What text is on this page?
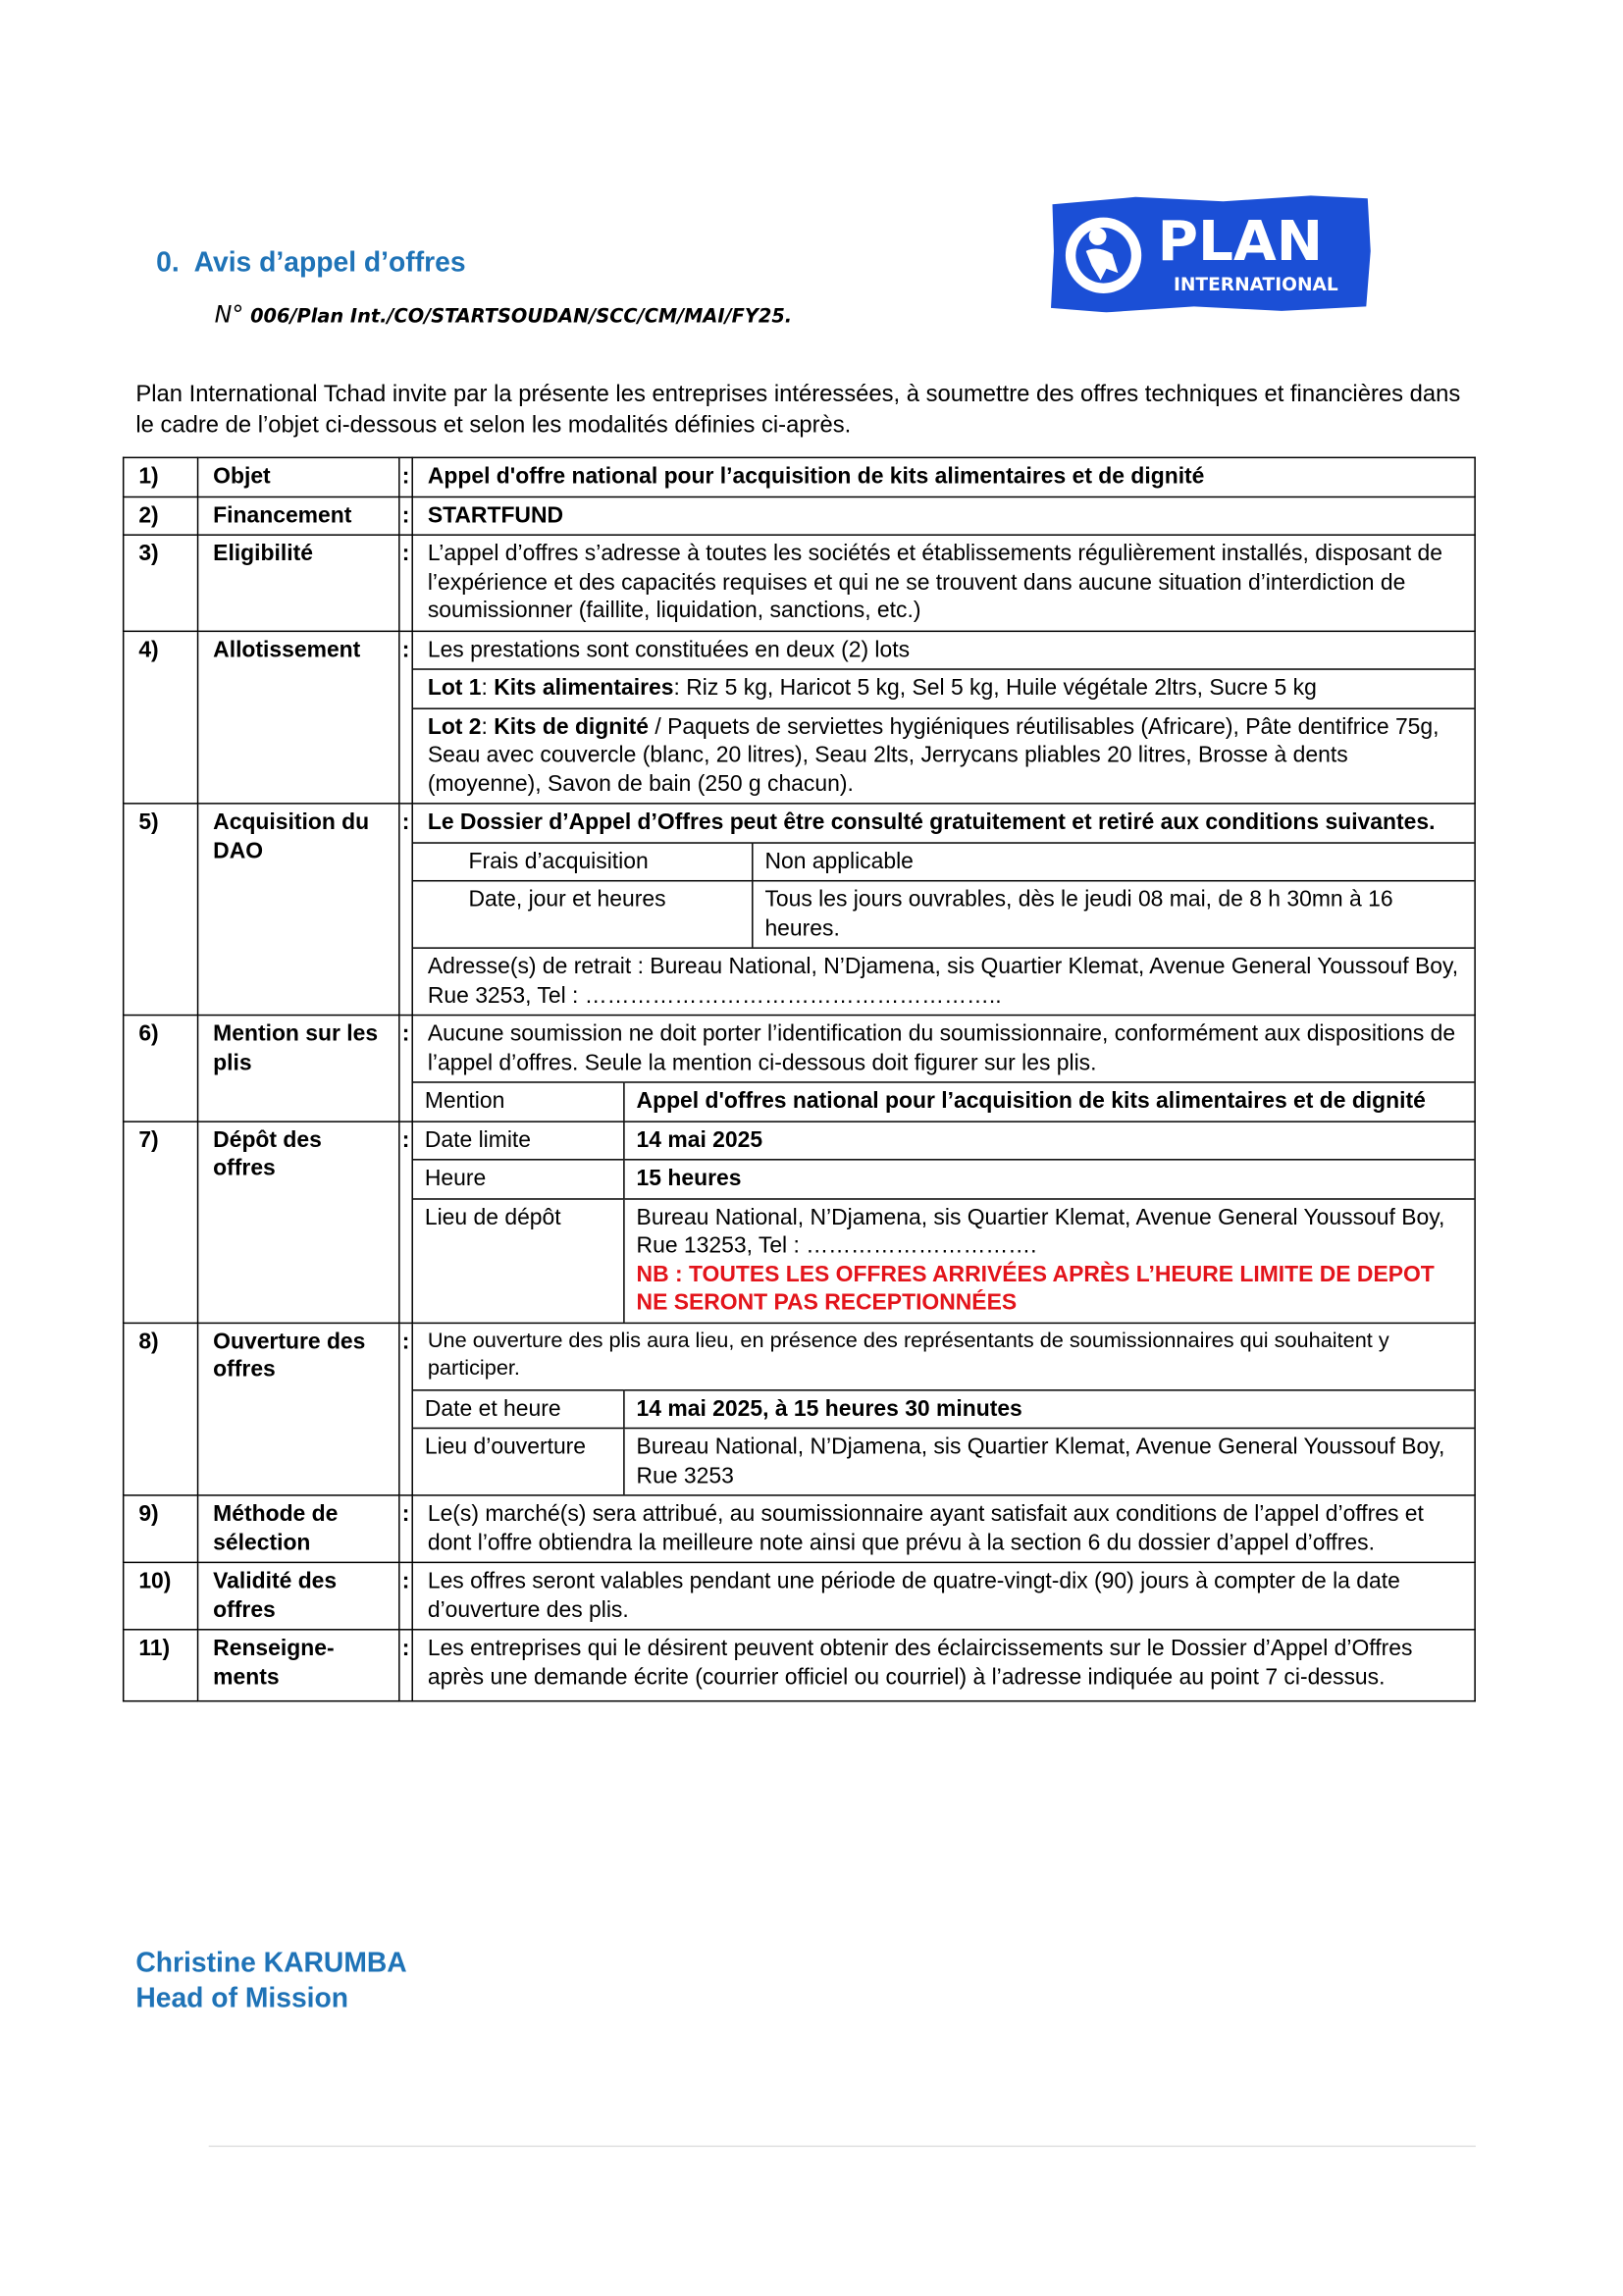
PLAN
INTERNATIONAL
0. Avis d’appel d’offres
N° 006/Plan Int./CO/STARTSOUDAN/SCC/CM/MAI/FY25.

Plan International Tchad invite par la présente les entreprises intéressées, à soumettre des offres techniques et financières dans le cadre de l’objet ci-dessous et selon les modalités définies ci-après.

1)	Objet	:	Appel d'offre national pour l’acquisition de kits alimentaires et de dignité

2)	Financement	:	STARTFUND

3)	Eligibilité	:	L’appel d’offres s’adresse à toutes les sociétés et établissements régulièrement installés, disposant de l’expérience et des capacités requises et qui ne se trouvent dans aucune situation d’interdiction de soumissionner (faillite, liquidation, sanctions, etc.)

4)	Allotissement	:	Les prestations sont constituées en deux (2) lots
Lot 1: Kits alimentaires: Riz 5 kg, Haricot 5 kg, Sel 5 kg, Huile végétale 2ltrs, Sucre 5 kg
Lot 2: Kits de dignité / Paquets de serviettes hygiéniques réutilisables (Africare), Pâte dentifrice 75g, Seau avec couvercle (blanc, 20 litres), Seau 2lts, Jerrycans pliables 20 litres, Brosse à dents (moyenne), Savon de bain (250 g chacun).

5)	Acquisition du DAO	:	Le Dossier d’Appel d’Offres peut être consulté gratuitement et retiré aux conditions suivantes.
Frais d’acquisition	Non applicable
Date, jour et heures	Tous les jours ouvrables, dès le jeudi 08 mai, de 8 h 30mn à 16 heures.
Adresse(s) de retrait : Bureau National, N’Djamena, sis Quartier Klemat, Avenue General Youssouf Boy, Rue 3253, Tel : ………………………………………………..

6)	Mention sur les plis	:	Aucune soumission ne doit porter l’identification du soumissionnaire, conformément aux dispositions de l’appel d’offres. Seule la mention ci-dessous doit figurer sur les plis.
Mention	Appel d'offres national pour l’acquisition de kits alimentaires et de dignité

7)	Dépôt des offres	:	Date limite	14 mai 2025
Heure	15 heures
Lieu de dépôt	Bureau National, N’Djamena, sis Quartier Klemat, Avenue General Youssouf Boy, Rue 13253, Tel : ………………………….
NB : TOUTES LES OFFRES ARRIVÉES APRÈS L’HEURE LIMITE DE DEPOT NE SERONT PAS RECEPTIONNÉES

8)	Ouverture des offres	:	Une ouverture des plis aura lieu, en présence des représentants de soumissionnaires qui souhaitent y participer.
Date et heure	14 mai 2025, à 15 heures 30 minutes
Lieu d’ouverture	Bureau National, N’Djamena, sis Quartier Klemat, Avenue General Youssouf Boy, Rue 3253

9)	Méthode de sélection	:	Le(s) marché(s) sera attribué, au soumissionnaire ayant satisfait aux conditions de l’appel d’offres et dont l’offre obtiendra la meilleure note ainsi que prévu à la section 6 du dossier d’appel d’offres.

10)	Validité des offres	:	Les offres seront valables pendant une période de quatre-vingt-dix (90) jours à compter de la date d’ouverture des plis.

11)	Renseigne-ments	:	Les entreprises qui le désirent peuvent obtenir des éclaircissements sur le Dossier d’Appel d’Offres après une demande écrite (courrier officiel ou courriel) à l’adresse indiquée au point 7 ci-dessus.
Christine KARUMBA
Head of Mission
